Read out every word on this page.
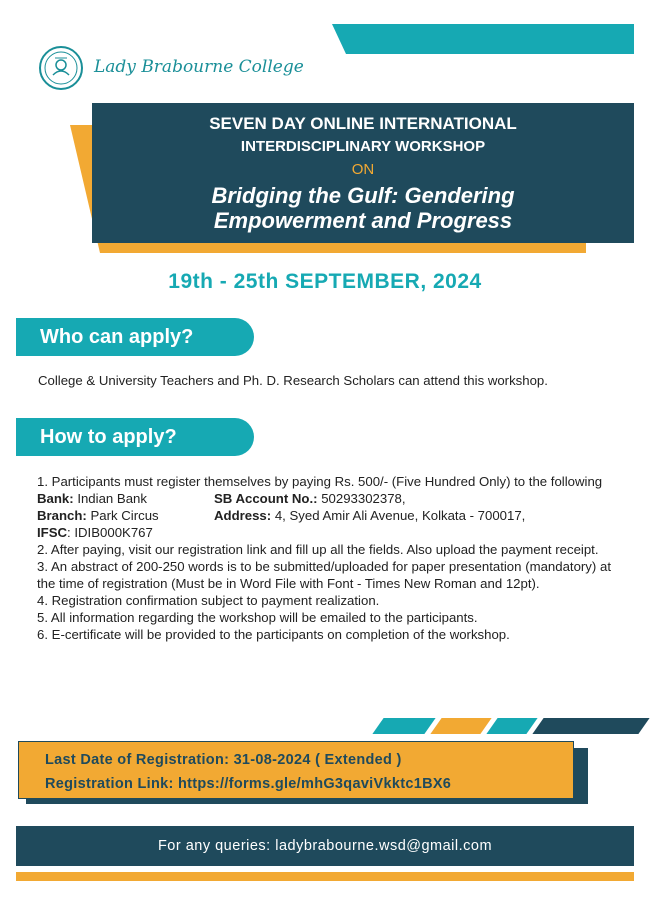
Lady Brabourne College
SEVEN DAY ONLINE INTERNATIONAL
INTERDISCIPLINARY WORKSHOP
ON
Bridging the Gulf: Gendering
Empowerment and Progress
19th - 25th SEPTEMBER, 2024
Who can apply?
College & University Teachers and Ph. D. Research Scholars can attend this workshop.
How to apply?

1. Participants must register themselves by paying Rs. 500/- (Five Hundred Only) to the following

Bank: Indian Bank	SB Account No.: 50293302378,
Branch: Park Circus	Address: 4, Syed Amir Ali Avenue, Kolkata - 700017,
IFSC: IDIB000K767

2. After paying, visit our registration link and fill up all the fields. Also upload the payment receipt.

3. An abstract of 200-250 words is to be submitted/uploaded for paper presentation (mandatory) at the time of registration (Must be in Word File with Font - Times New Roman and 12pt).

4. Registration confirmation subject to payment realization.

5. All information regarding the workshop will be emailed to the participants.

6. E-certificate will be provided to the participants on completion of the workshop.

Last Date of Registration: 31-08-2024 ( Extended )
Registration Link: https://forms.gle/mhG3qaviVkktc1BX6
For any queries: ladybrabourne.wsd@gmail.com
